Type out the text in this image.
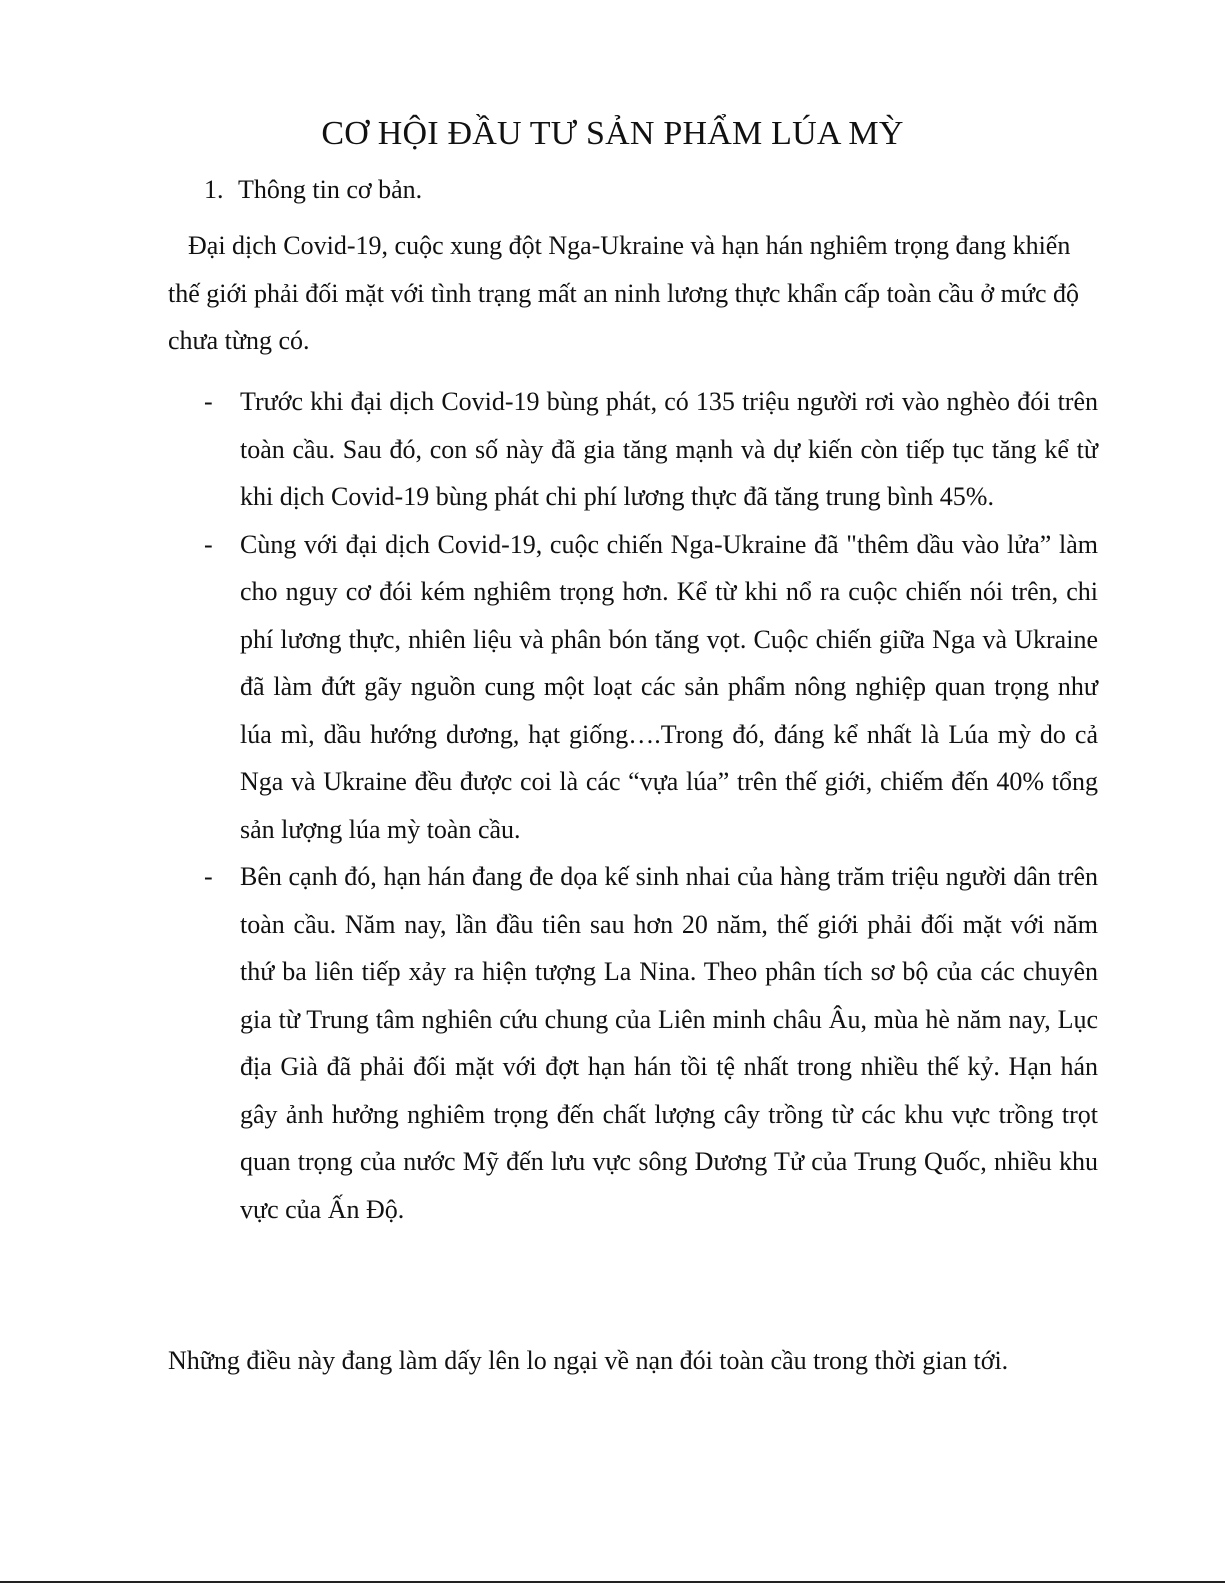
CƠ HỘI ĐẦU TƯ SẢN PHẨM LÚA MỲ

1. Thông tin cơ bản.

Đại dịch Covid-19, cuộc xung đột Nga-Ukraine và hạn hán nghiêm trọng đang khiến thế giới phải đối mặt với tình trạng mất an ninh lương thực khẩn cấp toàn cầu ở mức độ chưa từng có.

- Trước khi đại dịch Covid-19 bùng phát, có 135 triệu người rơi vào nghèo đói trên toàn cầu. Sau đó, con số này đã gia tăng mạnh và dự kiến còn tiếp tục tăng kể từ khi dịch Covid-19 bùng phát chi phí lương thực đã tăng trung bình 45%.
- Cùng với đại dịch Covid-19, cuộc chiến Nga-Ukraine đã "thêm dầu vào lửa” làm cho nguy cơ đói kém nghiêm trọng hơn. Kể từ khi nổ ra cuộc chiến nói trên, chi phí lương thực, nhiên liệu và phân bón tăng vọt. Cuộc chiến giữa Nga và Ukraine đã làm đứt gãy nguồn cung một loạt các sản phẩm nông nghiệp quan trọng như lúa mì, dầu hướng dương, hạt giống….Trong đó, đáng kể nhất là Lúa mỳ do cả Nga và Ukraine đều được coi là các “vựa lúa” trên thế giới, chiếm đến 40% tổng sản lượng lúa mỳ toàn cầu.
- Bên cạnh đó, hạn hán đang đe dọa kế sinh nhai của hàng trăm triệu người dân trên toàn cầu. Năm nay, lần đầu tiên sau hơn 20 năm, thế giới phải đối mặt với năm thứ ba liên tiếp xảy ra hiện tượng La Nina. Theo phân tích sơ bộ của các chuyên gia từ Trung tâm nghiên cứu chung của Liên minh châu Âu, mùa hè năm nay, Lục địa Già đã phải đối mặt với đợt hạn hán tồi tệ nhất trong nhiều thế kỷ. Hạn hán gây ảnh hưởng nghiêm trọng đến chất lượng cây trồng từ các khu vực trồng trọt quan trọng của nước Mỹ đến lưu vực sông Dương Tử của Trung Quốc, nhiều khu vực của Ấn Độ.

Những điều này đang làm dấy lên lo ngại về nạn đói toàn cầu trong thời gian tới.
